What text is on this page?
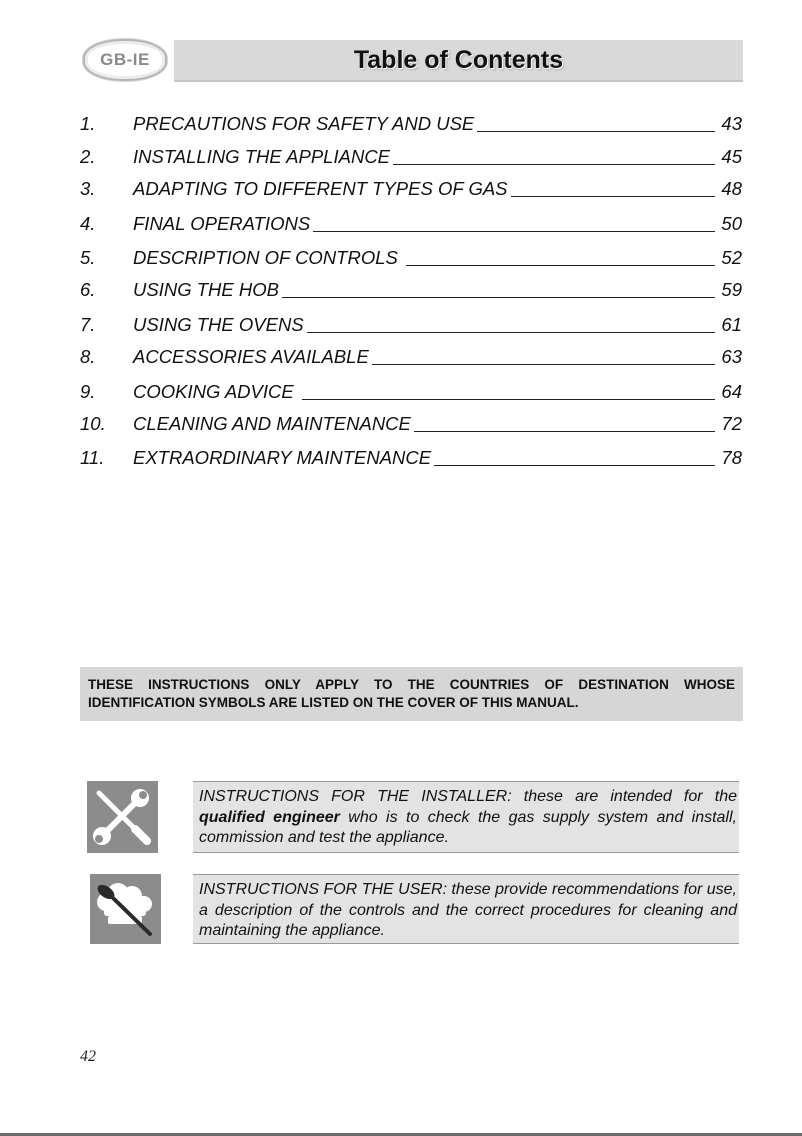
GB-IE	Table of Contents
1. PRECAUTIONS FOR SAFETY AND USE	43
2. INSTALLING THE APPLIANCE	45
3. ADAPTING TO DIFFERENT TYPES OF GAS	48
4. FINAL OPERATIONS	50
5. DESCRIPTION OF CONTROLS	52
6. USING THE HOB	59
7. USING THE OVENS	61
8. ACCESSORIES AVAILABLE	63
9. COOKING ADVICE	64
10. CLEANING AND MAINTENANCE	72
11. EXTRAORDINARY MAINTENANCE	78
THESE INSTRUCTIONS ONLY APPLY TO THE COUNTRIES OF DESTINATION WHOSE IDENTIFICATION SYMBOLS ARE LISTED ON THE COVER OF THIS MANUAL.
INSTRUCTIONS FOR THE INSTALLER: these are intended for the qualified engineer who is to check the gas supply system and install, commission and test the appliance.
INSTRUCTIONS FOR THE USER: these provide recommendations for use, a description of the controls and the correct procedures for cleaning and maintaining the appliance.
42
